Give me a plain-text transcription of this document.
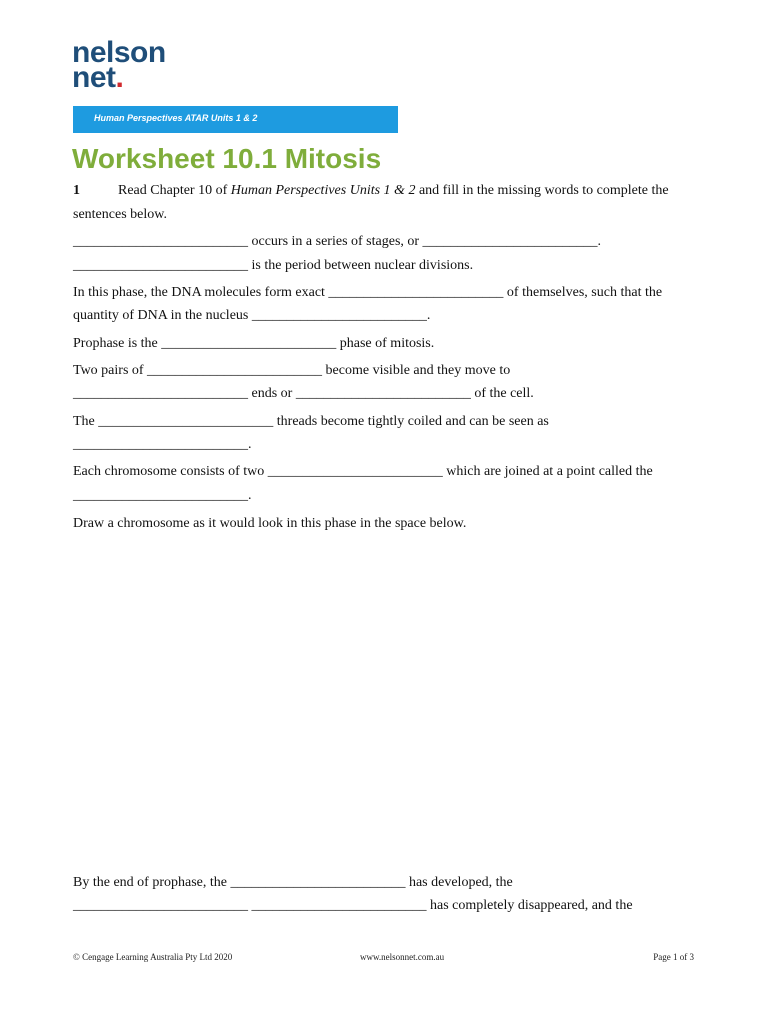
nelson
net.
Human Perspectives ATAR Units 1 & 2
Worksheet 10.1 Mitosis
1	Read Chapter 10 of Human Perspectives Units 1 & 2 and fill in the missing words to complete the
sentences below.
_________________________ occurs in a series of stages, or _________________________.
_________________________ is the period between nuclear divisions.
In this phase, the DNA molecules form exact _________________________ of themselves, such that the
quantity of DNA in the nucleus _________________________.
Prophase is the _________________________ phase of mitosis.
Two pairs of _________________________ become visible and they move to
_________________________ ends or _________________________ of the cell.
The _________________________ threads become tightly coiled and can be seen as
_________________________.
Each chromosome consists of two _________________________ which are joined at a point called the
_________________________.
Draw a chromosome as it would look in this phase in the space below.
By the end of prophase, the _________________________ has developed, the
_________________________ _________________________ has completely disappeared, and the
© Cengage Learning Australia Pty Ltd 2020	www.nelsonnet.com.au	Page 1 of 3
